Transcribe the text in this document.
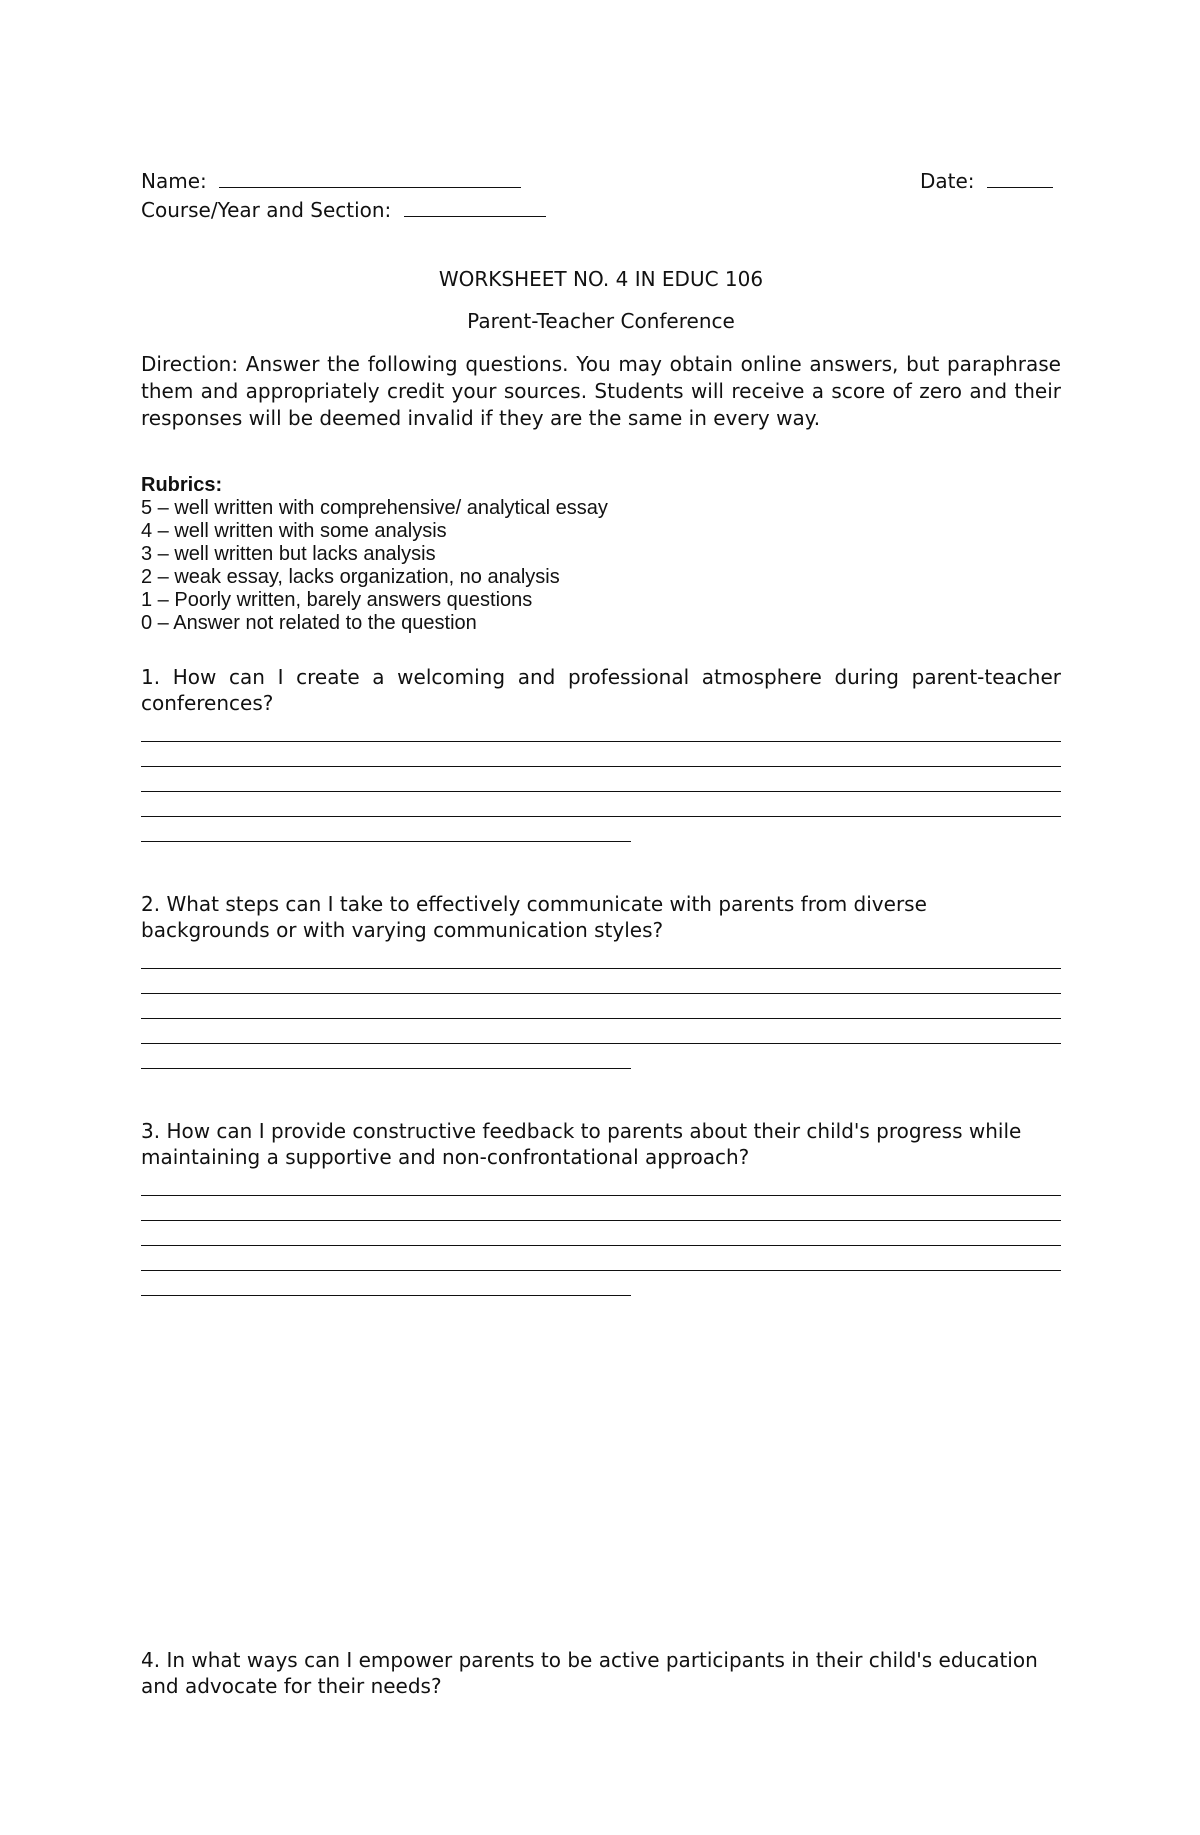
Name:	Date:
Course/Year and Section:
WORKSHEET NO. 4 IN EDUC 106
Parent-Teacher Conference
Direction: Answer the following questions. You may obtain online answers, but paraphrase them and appropriately credit your sources. Students will receive a score of zero and their responses will be deemed invalid if they are the same in every way.
Rubrics:
5 – well written with comprehensive/ analytical essay
4 – well written with some analysis
3 – well written but lacks analysis
2 – weak essay, lacks organization, no analysis
1 – Poorly written, barely answers questions
0 – Answer not related to the question
1. How can I create a welcoming and professional atmosphere during parent-teacher conferences?
2. What steps can I take to effectively communicate with parents from diverse backgrounds or with varying communication styles?
3. How can I provide constructive feedback to parents about their child's progress while maintaining a supportive and non-confrontational approach?
4. In what ways can I empower parents to be active participants in their child's education and advocate for their needs?
